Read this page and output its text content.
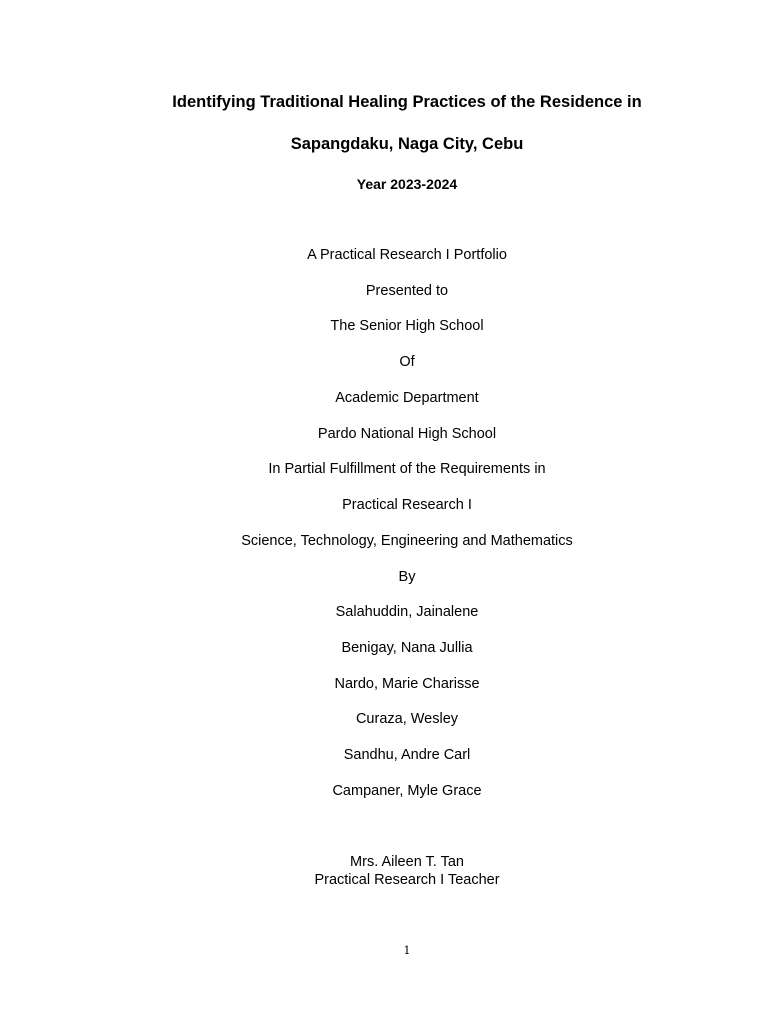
Identifying Traditional Healing Practices of the Residence in
Sapangdaku, Naga City, Cebu
Year 2023-2024
A Practical Research I Portfolio
Presented to
The Senior High School
Of
Academic Department
Pardo National High School
In Partial Fulfillment of the Requirements in
Practical Research I
Science, Technology, Engineering and Mathematics
By
Salahuddin, Jainalene
Benigay, Nana Jullia
Nardo, Marie Charisse
Curaza, Wesley
Sandhu, Andre Carl
Campaner, Myle Grace
Mrs. Aileen T. Tan
Practical Research I Teacher
1
